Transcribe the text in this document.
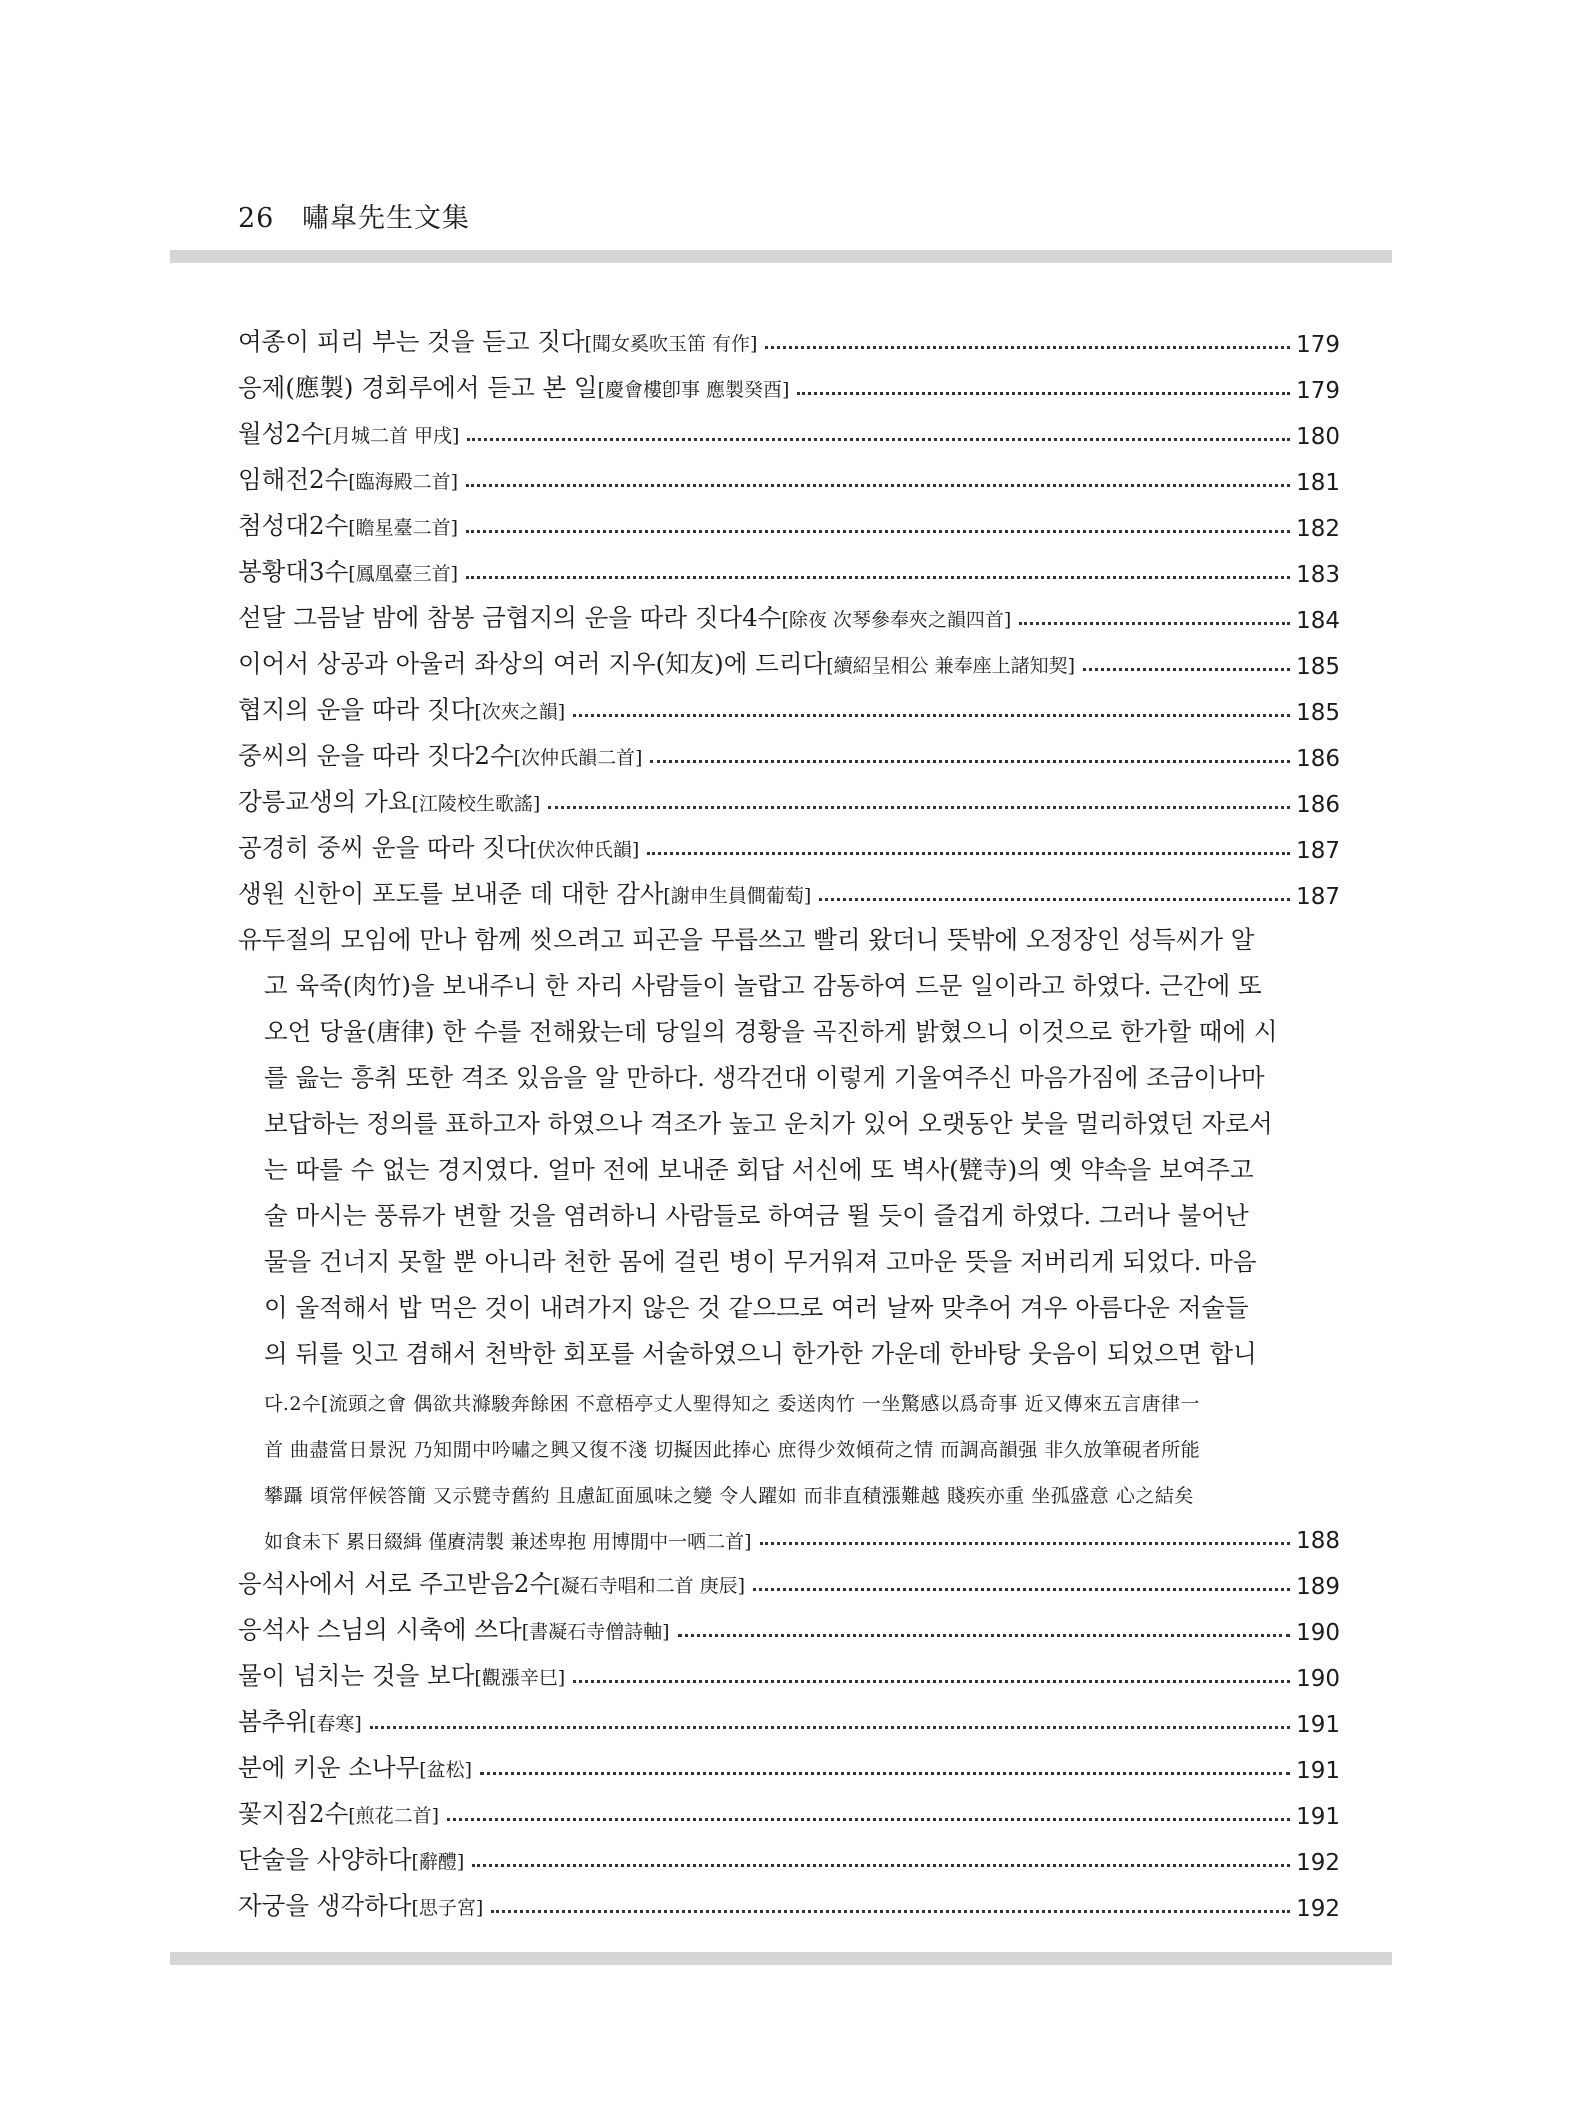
26 嘯皐先生文集
여종이 피리 부는 것을 듣고 짓다[聞女奚吹玉笛 有作]	179
응제(應製) 경회루에서 듣고 본 일[慶會樓卽事 應製癸酉]	179
월성2수[月城二首 甲戌]	180
임해전2수[臨海殿二首]	181
첨성대2수[瞻星臺二首]	182
봉황대3수[鳳凰臺三首]	183
섣달 그믐날 밤에 참봉 금협지의 운을 따라 짓다4수[除夜 次琴參奉夾之韻四首]	184
이어서 상공과 아울러 좌상의 여러 지우(知友)에 드리다[續紹呈相公 兼奉座上諸知契]	185
협지의 운을 따라 짓다[次夾之韻]	185
중씨의 운을 따라 짓다2수[次仲氏韻二首]	186
강릉교생의 가요[江陵校生歌謠]	186
공경히 중씨 운을 따라 짓다[伏次仲氏韻]	187
생원 신한이 포도를 보내준 데 대한 감사[謝申生員僴葡萄]	187
유두절의 모임에 만나 함께 씻으려고 피곤을 무릅쓰고 빨리 왔더니 뜻밖에 오정장인 성득씨가 알
고 육죽(肉竹)을 보내주니 한 자리 사람들이 놀랍고 감동하여 드문 일이라고 하였다. 근간에 또
오언 당율(唐律) 한 수를 전해왔는데 당일의 경황을 곡진하게 밝혔으니 이것으로 한가할 때에 시
를 읊는 흥취 또한 격조 있음을 알 만하다. 생각건대 이렇게 기울여주신 마음가짐에 조금이나마
보답하는 정의를 표하고자 하였으나 격조가 높고 운치가 있어 오랫동안 붓을 멀리하였던 자로서
는 따를 수 없는 경지였다. 얼마 전에 보내준 회답 서신에 또 벽사(甓寺)의 옛 약속을 보여주고
술 마시는 풍류가 변할 것을 염려하니 사람들로 하여금 뛸 듯이 즐겁게 하였다. 그러나 불어난
물을 건너지 못할 뿐 아니라 천한 몸에 걸린 병이 무거워져 고마운 뜻을 저버리게 되었다. 마음
이 울적해서 밥 먹은 것이 내려가지 않은 것 같으므로 여러 날짜 맞추어 겨우 아름다운 저술들
의 뒤를 잇고 겸해서 천박한 회포를 서술하였으니 한가한 가운데 한바탕 웃음이 되었으면 합니
다.2수[流頭之會 偶欲共滌駿奔餘困 不意梧亭丈人聖得知之 委送肉竹 一坐驚感以爲奇事 近又傳來五言唐律一
首 曲盡當日景況 乃知閒中吟嘯之興又復不淺 切擬因此捧心 庶得少效傾荷之情 而調高韻强 非久放筆硯者所能
攀躡 頃常伻候答簡 又示甓寺舊約 且慮缸面風味之變 令人躍如 而非直積漲難越 賤疾亦重 坐孤盛意 心之結矣
如食未下 累日綴緝 僅賡淸製 兼述卑抱 用博閒中一哂二首]	188
응석사에서 서로 주고받음2수[凝石寺唱和二首 庚辰]	189
응석사 스님의 시축에 쓰다[書凝石寺僧詩軸]	190
물이 넘치는 것을 보다[觀漲辛巳]	190
봄추위[春寒]	191
분에 키운 소나무[盆松]	191
꽃지짐2수[煎花二首]	191
단술을 사양하다[辭醴]	192
자궁을 생각하다[思子宮]	192
